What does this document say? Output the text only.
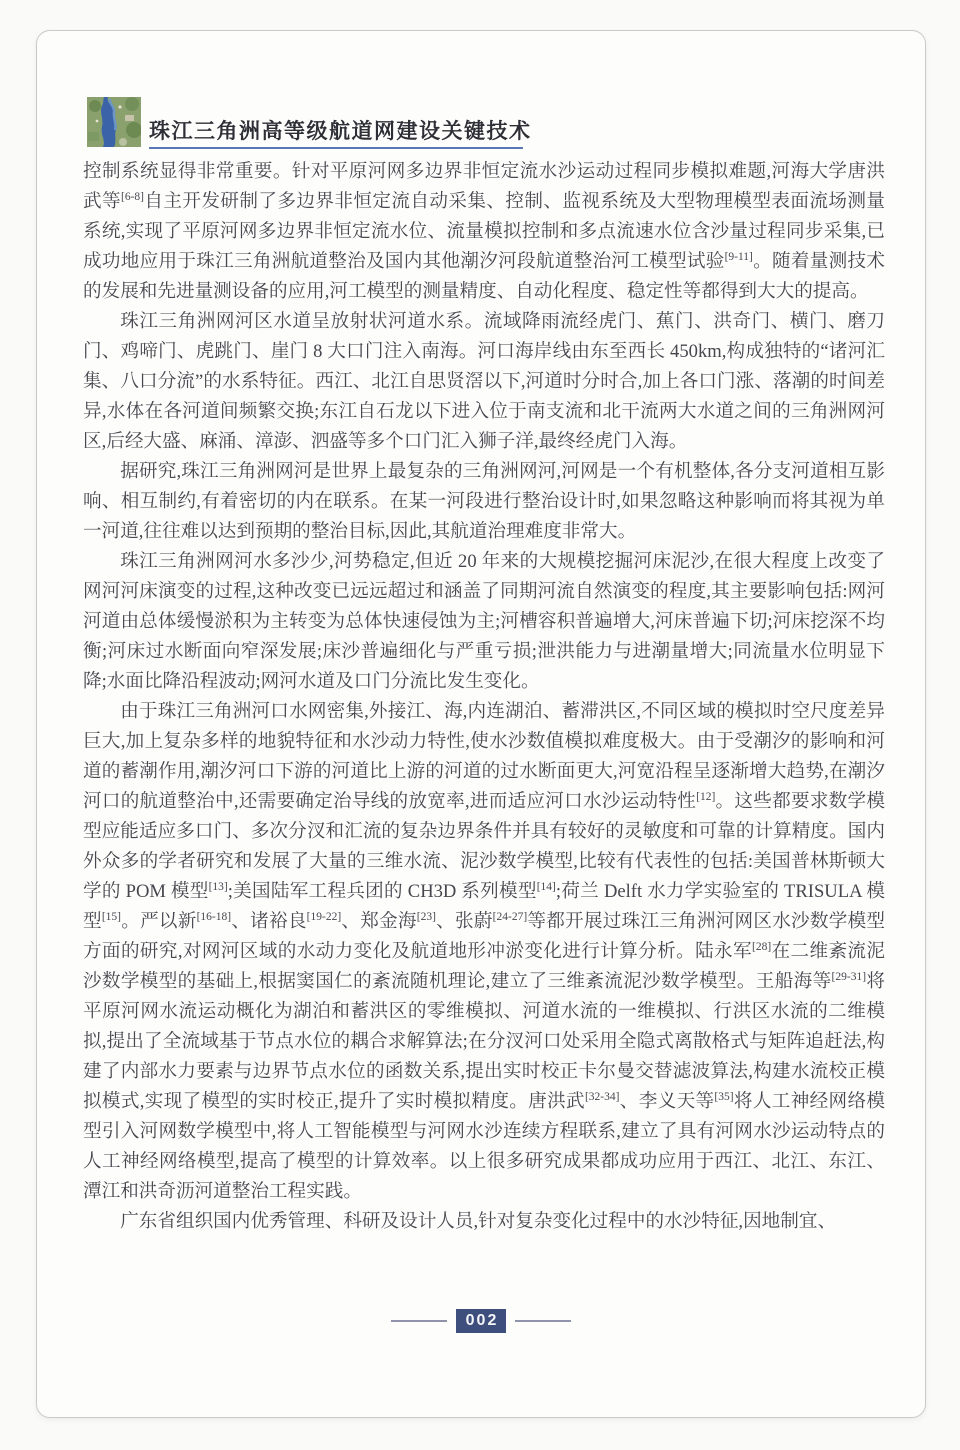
珠江三角洲高等级航道网建设关键技术

控制系统显得非常重要。针对平原河网多边界非恒定流水沙运动过程同步模拟难题,河海大学唐洪武等[6-8]自主开发研制了多边界非恒定流自动采集、控制、监视系统及大型物理模型表面流场测量系统,实现了平原河网多边界非恒定流水位、流量模拟控制和多点流速水位含沙量过程同步采集,已成功地应用于珠江三角洲航道整治及国内其他潮汐河段航道整治河工模型试验[9-11]。随着量测技术的发展和先进量测设备的应用,河工模型的测量精度、自动化程度、稳定性等都得到大大的提高。

珠江三角洲网河区水道呈放射状河道水系。流域降雨流经虎门、蕉门、洪奇门、横门、磨刀门、鸡啼门、虎跳门、崖门 8 大口门注入南海。河口海岸线由东至西长 450km,构成独特的“诸河汇集、八口分流”的水系特征。西江、北江自思贤滘以下,河道时分时合,加上各口门涨、落潮的时间差异,水体在各河道间频繁交换;东江自石龙以下进入位于南支流和北干流两大水道之间的三角洲网河区,后经大盛、麻涌、漳澎、泗盛等多个口门汇入狮子洋,最终经虎门入海。

据研究,珠江三角洲网河是世界上最复杂的三角洲网河,河网是一个有机整体,各分支河道相互影响、相互制约,有着密切的内在联系。在某一河段进行整治设计时,如果忽略这种影响而将其视为单一河道,往往难以达到预期的整治目标,因此,其航道治理难度非常大。

珠江三角洲网河水多沙少,河势稳定,但近 20 年来的大规模挖掘河床泥沙,在很大程度上改变了网河河床演变的过程,这种改变已远远超过和涵盖了同期河流自然演变的程度,其主要影响包括:网河河道由总体缓慢淤积为主转变为总体快速侵蚀为主;河槽容积普遍增大,河床普遍下切;河床挖深不均衡;河床过水断面向窄深发展;床沙普遍细化与严重亏损;泄洪能力与进潮量增大;同流量水位明显下降;水面比降沿程波动;网河水道及口门分流比发生变化。

由于珠江三角洲河口水网密集,外接江、海,内连湖泊、蓄滞洪区,不同区域的模拟时空尺度差异巨大,加上复杂多样的地貌特征和水沙动力特性,使水沙数值模拟难度极大。由于受潮汐的影响和河道的蓄潮作用,潮汐河口下游的河道比上游的河道的过水断面更大,河宽沿程呈逐渐增大趋势,在潮汐河口的航道整治中,还需要确定治导线的放宽率,进而适应河口水沙运动特性[12]。这些都要求数学模型应能适应多口门、多次分汊和汇流的复杂边界条件并具有较好的灵敏度和可靠的计算精度。国内外众多的学者研究和发展了大量的三维水流、泥沙数学模型,比较有代表性的包括:美国普林斯顿大学的 POM 模型[13];美国陆军工程兵团的 CH3D 系列模型[14];荷兰 Delft 水力学实验室的 TRISULA 模型[15]。严以新[16-18]、诸裕良[19-22]、郑金海[23]、张蔚[24-27]等都开展过珠江三角洲河网区水沙数学模型方面的研究,对网河区域的水动力变化及航道地形冲淤变化进行计算分析。陆永军[28]在二维紊流泥沙数学模型的基础上,根据窦国仁的紊流随机理论,建立了三维紊流泥沙数学模型。王船海等[29-31]将平原河网水流运动概化为湖泊和蓄洪区的零维模拟、河道水流的一维模拟、行洪区水流的二维模拟,提出了全流域基于节点水位的耦合求解算法;在分汊河口处采用全隐式离散格式与矩阵追赶法,构建了内部水力要素与边界节点水位的函数关系,提出实时校正卡尔曼交替滤波算法,构建水流校正模拟模式,实现了模型的实时校正,提升了实时模拟精度。唐洪武[32-34]、李义天等[35]将人工神经网络模型引入河网数学模型中,将人工智能模型与河网水沙连续方程联系,建立了具有河网水沙运动特点的人工神经网络模型,提高了模型的计算效率。以上很多研究成果都成功应用于西江、北江、东江、潭江和洪奇沥河道整治工程实践。

广东省组织国内优秀管理、科研及设计人员,针对复杂变化过程中的水沙特征,因地制宜、

002
